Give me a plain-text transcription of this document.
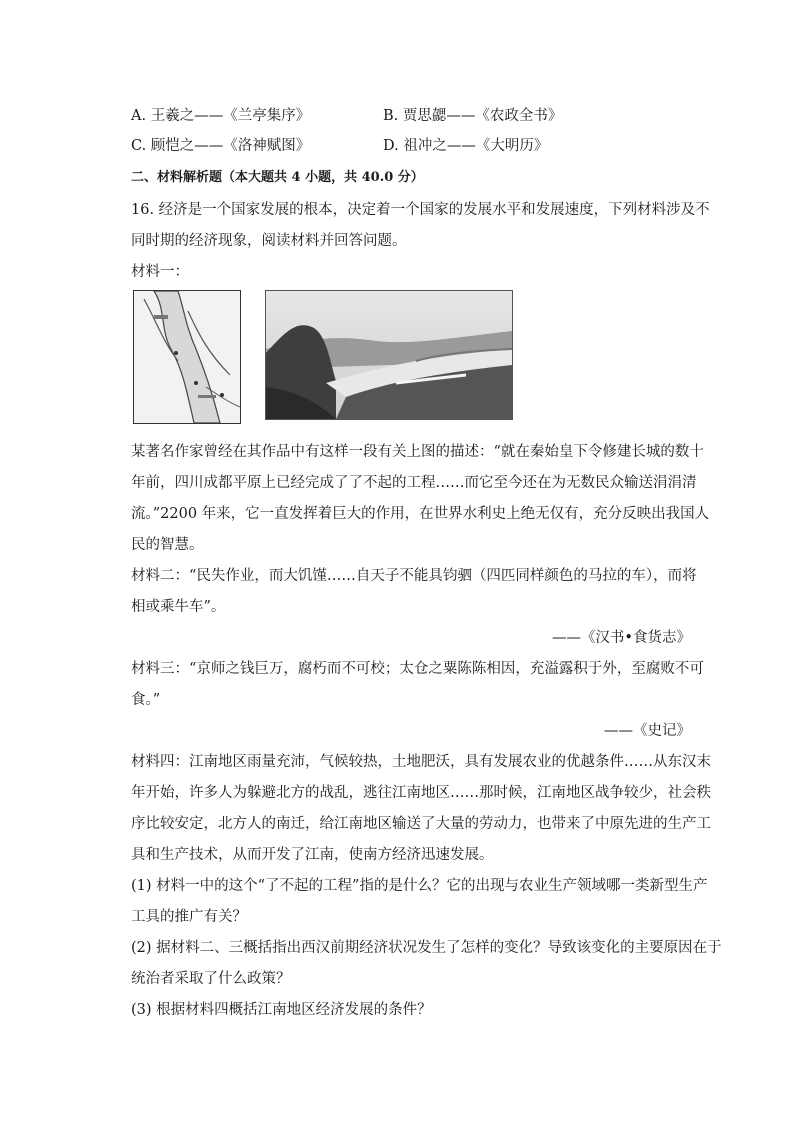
A. 王羲之——《兰亭集序》	B. 贾思勰——《农政全书》
C. 顾恺之——《洛神赋图》	D. 祖冲之——《大明历》
二、材料解析题（本大题共 4 小题，共 40.0 分）
16. 经济是一个国家发展的根本，决定着一个国家的发展水平和发展速度，下列材料涉及不
同时期的经济现象，阅读材料并回答问题。
材料一：
某著名作家曾经在其作品中有这样一段有关上图的描述：“就在秦始皇下令修建长城的数十
年前，四川成都平原上已经完成了了不起的工程……而它至今还在为无数民众输送涓涓清
流。”2200 年来，它一直发挥着巨大的作用，在世界水利史上绝无仅有，充分反映出我国人
民的智慧。
材料二：“民失作业，而大饥馑……自天子不能具钧驷（四匹同样颜色的马拉的车），而将
相或乘牛车”。
——《汉书•食货志》
材料三：“京师之钱巨万，腐朽而不可校；太仓之粟陈陈相因，充溢露积于外，至腐败不可
食。”
——《史记》
材料四：江南地区雨量充沛，气候较热，土地肥沃，具有发展农业的优越条件……从东汉末
年开始，许多人为躲避北方的战乱，逃往江南地区……那时候，江南地区战争较少，社会秩
序比较安定，北方人的南迁，给江南地区输送了大量的劳动力，也带来了中原先进的生产工
具和生产技术，从而开发了江南，使南方经济迅速发展。
(1) 材料一中的这个“了不起的工程”指的是什么？它的出现与农业生产领域哪一类新型生产
工具的推广有关？
(2) 据材料二、三概括指出西汉前期经济状况发生了怎样的变化？导致该变化的主要原因在于
统治者采取了什么政策？
(3) 根据材料四概括江南地区经济发展的条件？
